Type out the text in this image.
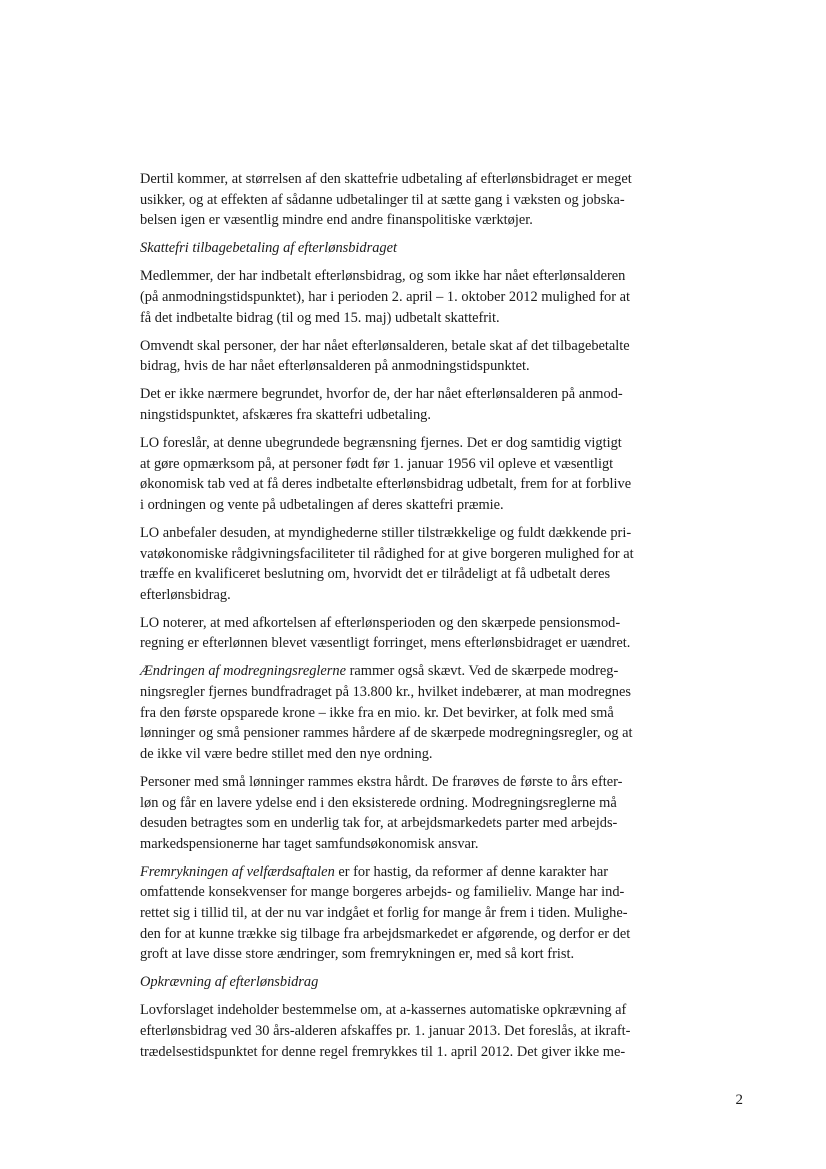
Dertil kommer, at størrelsen af den skattefrie udbetaling af efterlønsbidraget er meget
usikker, og at effekten af sådanne udbetalinger til at sætte gang i væksten og jobska-
belsen igen er væsentlig mindre end andre finanspolitiske værktøjer.
Skattefri tilbagebetaling af efterlønsbidraget
Medlemmer, der har indbetalt efterlønsbidrag, og som ikke har nået efterlønsalderen
(på anmodningstidspunktet), har i perioden 2. april – 1. oktober 2012 mulighed for at
få det indbetalte bidrag (til og med 15. maj) udbetalt skattefrit.
Omvendt skal personer, der har nået efterlønsalderen, betale skat af det tilbagebetalte
bidrag, hvis de har nået efterlønsalderen på anmodningstidspunktet.
Det er ikke nærmere begrundet, hvorfor de, der har nået efterlønsalderen på anmod-
ningstidspunktet, afskæres fra skattefri udbetaling.
LO foreslår, at denne ubegrundede begrænsning fjernes. Det er dog samtidig vigtigt
at gøre opmærksom på, at personer født før 1. januar 1956 vil opleve et væsentligt
økonomisk tab ved at få deres indbetalte efterlønsbidrag udbetalt, frem for at forblive
i ordningen og vente på udbetalingen af deres skattefri præmie.
LO anbefaler desuden, at myndighederne stiller tilstrækkelige og fuldt dækkende pri-
vatøkonomiske rådgivningsfaciliteter til rådighed for at give borgeren mulighed for at
træffe en kvalificeret beslutning om, hvorvidt det er tilrådeligt at få udbetalt deres
efterlønsbidrag.
LO noterer, at med afkortelsen af efterlønsperioden og den skærpede pensionsmod-
regning er efterlønnen blevet væsentligt forringet, mens efterlønsbidraget er uændret.
Ændringen af modregningsreglerne rammer også skævt. Ved de skærpede modreg-
ningsregler fjernes bundfradraget på 13.800 kr., hvilket indebærer, at man modregnes
fra den første opsparede krone – ikke fra en mio. kr. Det bevirker, at folk med små
lønninger og små pensioner rammes hårdere af de skærpede modregningsregler, og at
de ikke vil være bedre stillet med den nye ordning.
Personer med små lønninger rammes ekstra hårdt. De frarøves de første to års efter-
løn og får en lavere ydelse end i den eksisterede ordning. Modregningsreglerne må
desuden betragtes som en underlig tak for, at arbejdsmarkedets parter med arbejds-
markedspensionerne har taget samfundsøkonomisk ansvar.
Fremrykningen af velfærdsaftalen er for hastig, da reformer af denne karakter har
omfattende konsekvenser for mange borgeres arbejds- og familieliv. Mange har ind-
rettet sig i tillid til, at der nu var indgået et forlig for mange år frem i tiden. Mulighe-
den for at kunne trække sig tilbage fra arbejdsmarkedet er afgørende, og derfor er det
groft at lave disse store ændringer, som fremrykningen er, med så kort frist.
Opkrævning af efterlønsbidrag
Lovforslaget indeholder bestemmelse om, at a-kassernes automatiske opkrævning af
efterlønsbidrag ved 30 års-alderen afskaffes pr. 1. januar 2013. Det foreslås, at ikraft-
trædelsestidspunktet for denne regel fremrykkes til 1. april 2012. Det giver ikke me-
2
